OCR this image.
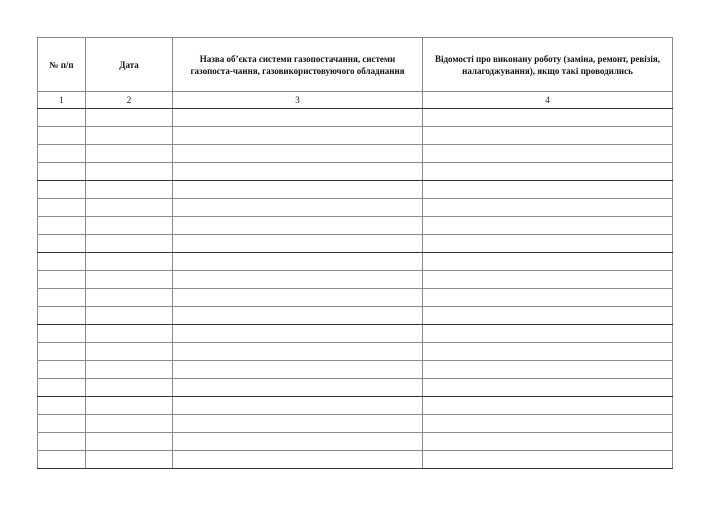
№ п/п	Дата	Назва об’єкта системи газопостачання, системи газопоста-чання, газовикористовуючого обладнання	Відомості про виконану роботу (заміна, ремонт, ревізія, налагоджування), якщо такі проводились

1	2	3	4
